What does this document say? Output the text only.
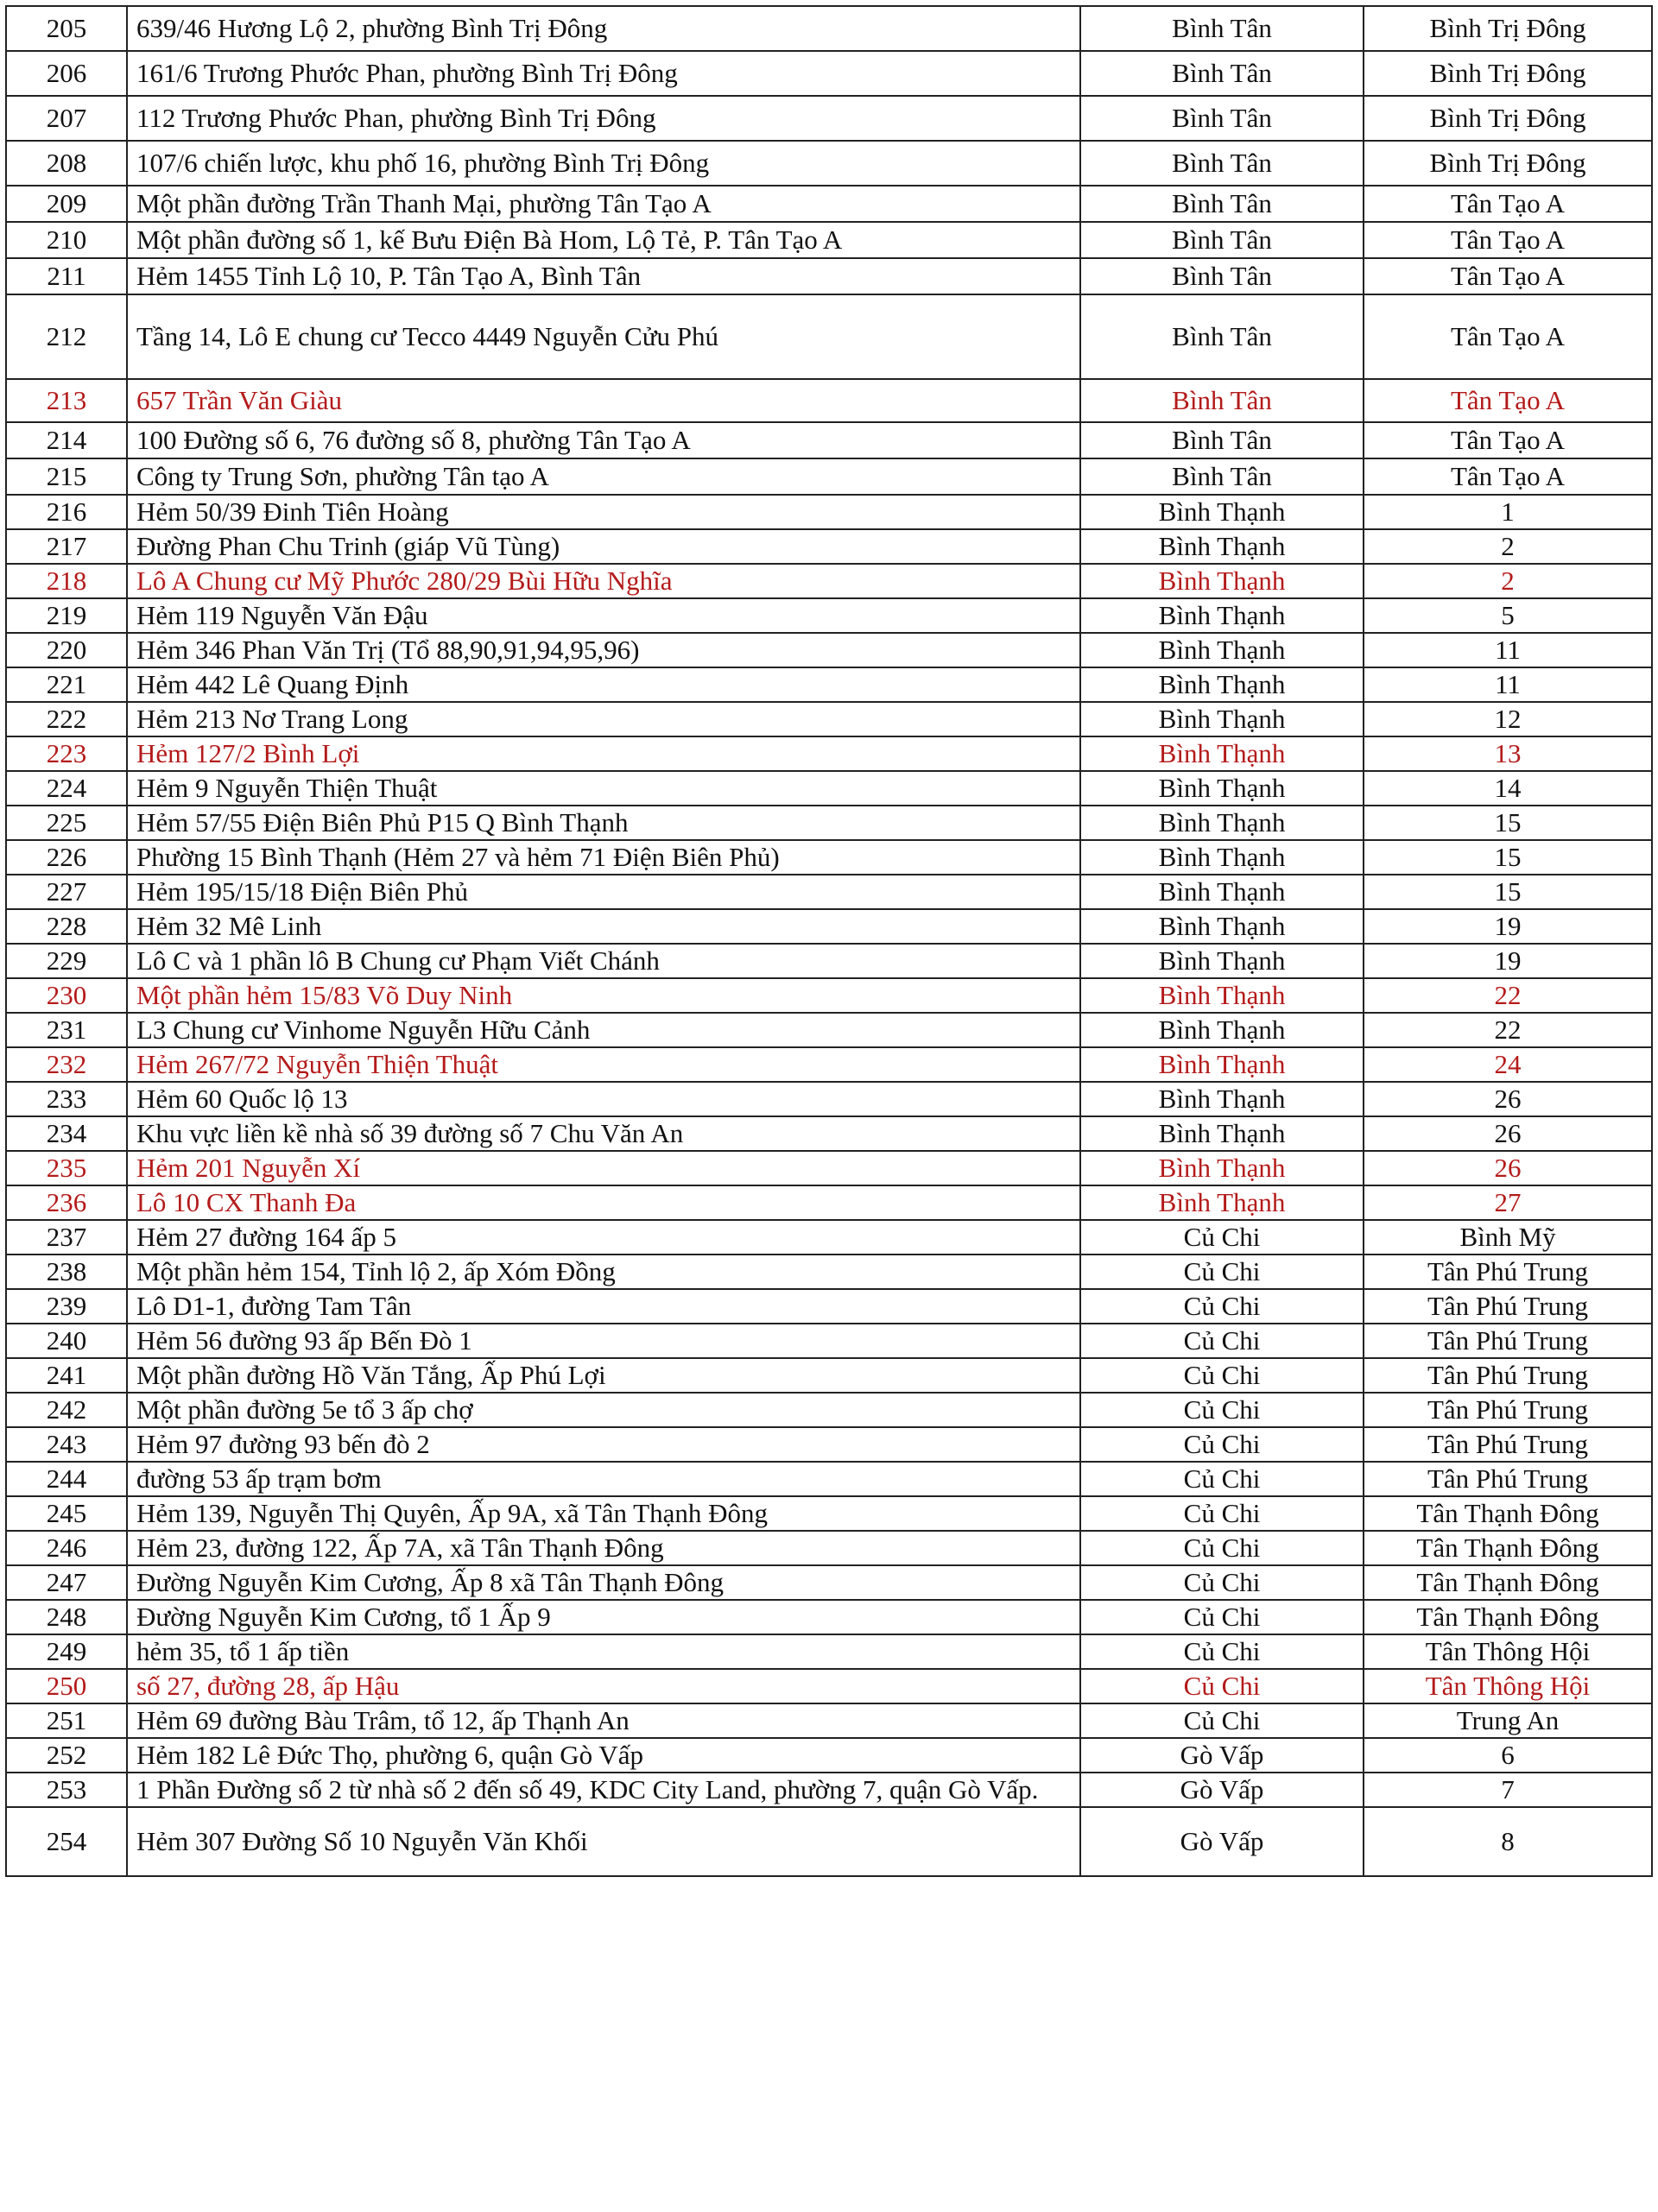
205	639/46 Hương Lộ 2, phường Bình Trị Đông	Bình Tân	Bình Trị Đông
206	161/6 Trương Phước Phan, phường Bình Trị Đông	Bình Tân	Bình Trị Đông
207	112 Trương Phước Phan, phường Bình Trị Đông	Bình Tân	Bình Trị Đông
208	107/6 chiến lược, khu phố 16, phường Bình Trị Đông	Bình Tân	Bình Trị Đông
209	Một phần đường Trần Thanh Mại, phường Tân Tạo A	Bình Tân	Tân Tạo A
210	Một phần đường số 1, kế Bưu Điện Bà Hom, Lộ Tẻ, P. Tân Tạo A	Bình Tân	Tân Tạo A
211	Hẻm 1455 Tỉnh Lộ 10, P. Tân Tạo A, Bình Tân	Bình Tân	Tân Tạo A
212	Tầng 14, Lô E chung cư Tecco 4449 Nguyễn Cửu Phú	Bình Tân	Tân Tạo A
213	657 Trần Văn Giàu	Bình Tân	Tân Tạo A
214	100 Đường số 6, 76 đường số 8, phường Tân Tạo A	Bình Tân	Tân Tạo A
215	Công ty Trung Sơn, phường Tân tạo A	Bình Tân	Tân Tạo A
216	Hẻm 50/39 Đinh Tiên Hoàng	Bình Thạnh	1
217	Đường Phan Chu Trinh (giáp Vũ Tùng)	Bình Thạnh	2
218	Lô A Chung cư Mỹ Phước 280/29 Bùi Hữu Nghĩa	Bình Thạnh	2
219	Hẻm 119 Nguyễn Văn Đậu	Bình Thạnh	5
220	Hẻm 346 Phan Văn Trị (Tổ 88,90,91,94,95,96)	Bình Thạnh	11
221	Hẻm 442 Lê Quang Định	Bình Thạnh	11
222	Hẻm 213 Nơ Trang Long	Bình Thạnh	12
223	Hẻm 127/2 Bình Lợi	Bình Thạnh	13
224	Hẻm 9 Nguyễn Thiện Thuật	Bình Thạnh	14
225	Hẻm 57/55 Điện Biên Phủ P15 Q Bình Thạnh	Bình Thạnh	15
226	Phường 15 Bình Thạnh (Hẻm 27 và hẻm 71 Điện Biên Phủ)	Bình Thạnh	15
227	Hẻm 195/15/18 Điện Biên Phủ	Bình Thạnh	15
228	Hẻm 32 Mê Linh	Bình Thạnh	19
229	Lô C và 1 phần lô B Chung cư Phạm Viết Chánh	Bình Thạnh	19
230	Một phần hẻm 15/83 Võ Duy Ninh	Bình Thạnh	22
231	L3 Chung cư Vinhome Nguyễn Hữu Cảnh	Bình Thạnh	22
232	Hẻm 267/72 Nguyễn Thiện Thuật	Bình Thạnh	24
233	Hẻm 60 Quốc lộ 13	Bình Thạnh	26
234	Khu vực liền kề nhà số 39 đường số 7 Chu Văn An	Bình Thạnh	26
235	Hẻm 201 Nguyễn Xí	Bình Thạnh	26
236	Lô 10 CX Thanh Đa	Bình Thạnh	27
237	Hẻm 27 đường 164 ấp 5	Củ Chi	Bình Mỹ
238	Một phần hẻm 154, Tỉnh lộ 2, ấp Xóm Đồng	Củ Chi	Tân Phú Trung
239	Lô D1-1, đường Tam Tân	Củ Chi	Tân Phú Trung
240	Hẻm 56 đường 93 ấp Bến Đò 1	Củ Chi	Tân Phú Trung
241	Một phần đường Hồ Văn Tắng, Ấp Phú Lợi	Củ Chi	Tân Phú Trung
242	Một phần đường 5e tổ 3 ấp chợ	Củ Chi	Tân Phú Trung
243	Hẻm 97 đường 93 bến đò 2	Củ Chi	Tân Phú Trung
244	đường 53 ấp trạm bơm	Củ Chi	Tân Phú Trung
245	Hẻm 139, Nguyễn Thị Quyên, Ấp 9A, xã Tân Thạnh Đông	Củ Chi	Tân Thạnh Đông
246	Hẻm 23, đường 122, Ấp 7A, xã Tân Thạnh Đông	Củ Chi	Tân Thạnh Đông
247	Đường Nguyễn Kim Cương, Ấp 8 xã Tân Thạnh Đông	Củ Chi	Tân Thạnh Đông
248	Đường Nguyễn Kim Cương, tổ 1 Ấp 9	Củ Chi	Tân Thạnh Đông
249	hẻm 35, tổ 1 ấp tiền	Củ Chi	Tân Thông Hội
250	số 27, đường 28, ấp Hậu	Củ Chi	Tân Thông Hội
251	Hẻm 69 đường Bàu Trâm, tổ 12, ấp Thạnh An	Củ Chi	Trung An
252	Hẻm 182 Lê Đức Thọ, phường 6, quận Gò Vấp	Gò Vấp	6
253	1 Phần Đường số 2 từ nhà số 2 đến số 49, KDC City Land, phường 7, quận Gò Vấp.	Gò Vấp	7
254	Hẻm 307 Đường Số 10 Nguyễn Văn Khối	Gò Vấp	8
